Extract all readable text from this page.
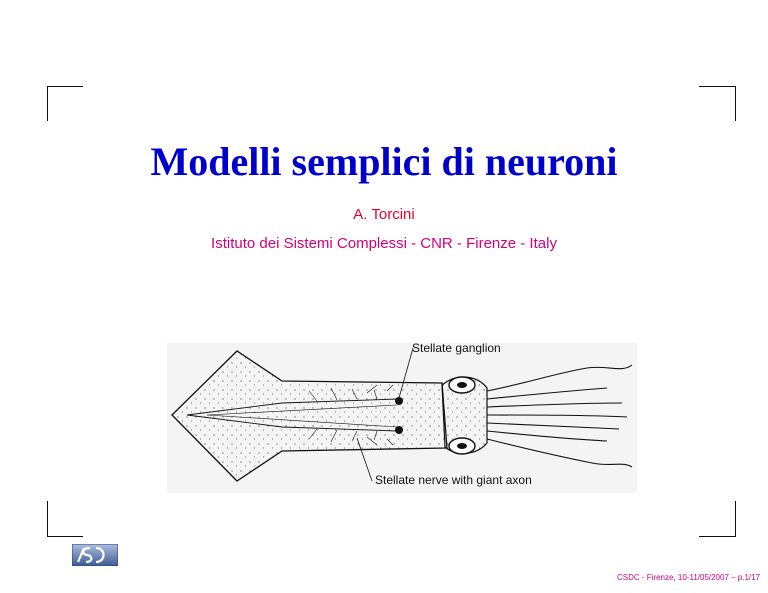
Modelli semplici di neuroni
A. Torcini
Istituto dei Sistemi Complessi - CNR - Firenze - Italy
Stellate ganglion
Stellate nerve with giant axon
CSDC - Firenze, 10-11/05/2007 – p.1/17
